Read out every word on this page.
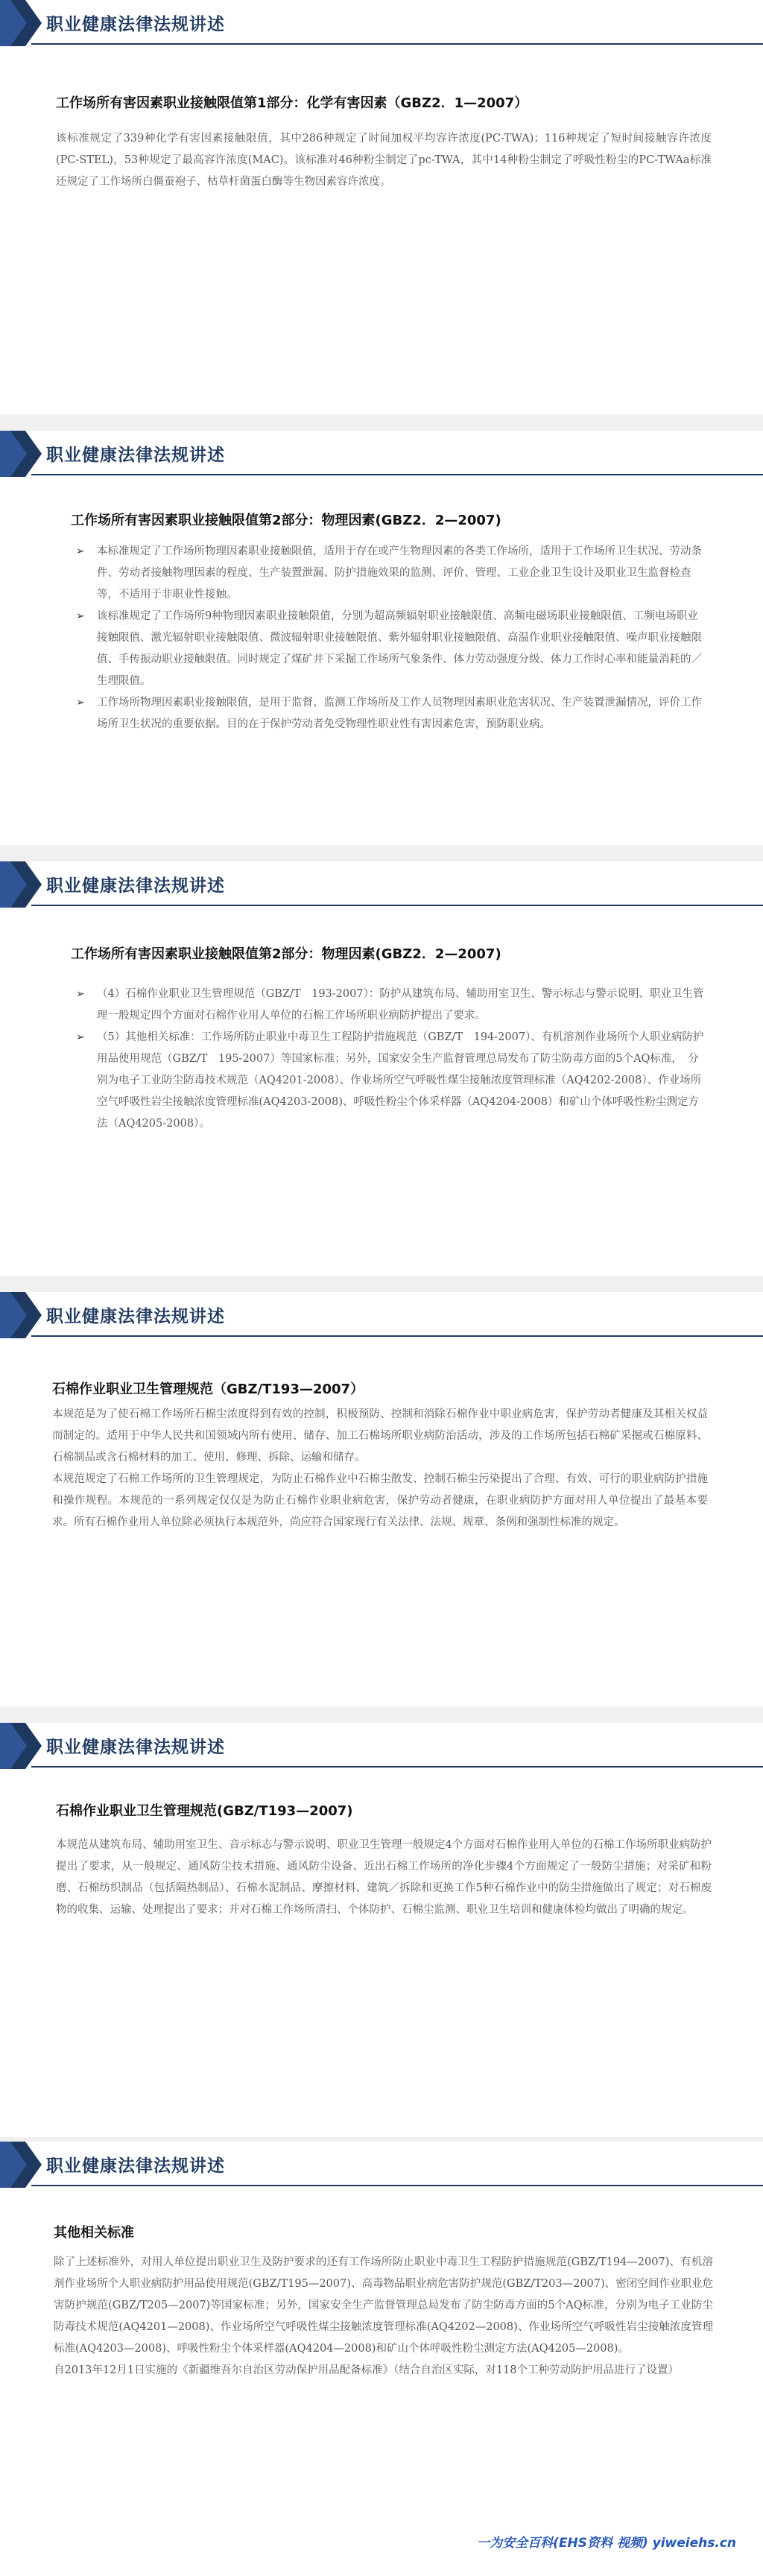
职业健康法律法规讲述
工作场所有害因素职业接触限值第1部分：化学有害因素（GBZ2．1—2007）

该标准规定了339种化学有害因素接触限值，其中286种规定了时间加权平均容许浓度(PC-TWA)；116种规定了短时间接触容许浓度(PC-STEL)，53种规定了最高容许浓度(MAC)。该标准对46种粉尘制定了pc-TWA，其中14种粉尘制定了呼吸性粉尘的PC-TWAa标准还规定了工作场所白僵蚕袍子、枯草杆菌蛋白酶等生物因素容许浓度。

职业健康法律法规讲述
工作场所有害因素职业接触限值第2部分：物理因素(GBZ2．2—2007)
➢ 本标准规定了工作场所物理因素职业接触限值，适用于存在或产生物理因素的各类工作场所，适用于工作场所卫生状况、劳动条件、劳动者接触物理因素的程度、生产装置泄漏、防护措施效果的监测、评价、管理、工业企业卫生设计及职业卫生监督检查等，不适用于非职业性接触。
➢ 该标准规定了工作场所9种物理因素职业接触限值，分别为超高频辐射职业接触限值、高频电磁场职业接触限值、工频电场职业接触限值、激光辐射职业接触限值、微波辐射职业接触限值、紫外辐射职业接触限值、高温作业职业接触限值、噪声职业接触限值、手传振动职业接触限值。同时规定了煤矿井下采掘工作场所气象条件、体力劳动强度分级、体力工作时心率和能量消耗的／生理限值。
➢ 工作场所物理因素职业接触限值，是用于监督、监测工作场所及工作人员物理因素职业危害状况、生产装置泄漏情况，评价工作场所卫生状况的重要依据。目的在于保护劳动者免受物理性职业性有害因素危害，预防职业病。
职业健康法律法规讲述
工作场所有害因素职业接触限值第2部分：物理因素(GBZ2．2—2007)
➢ （4）石棉作业职业卫生管理规范（GBZ/T　193-2007）：防护从建筑布局、辅助用室卫生、警示标志与警示说明、职业卫生管理一般规定四个方面对石棉作业用人单位的石棉工作场所职业病防护提出了要求。
➢ （5）其他相关标准：工作场所防止职业中毒卫生工程防护措施规范（GBZ/T　194-2007）、有机溶剂作业场所个人职业病防护用品使用规范（GBZ/T　195-2007）等国家标准；另外，国家安全生产监督管理总局发布了防尘防毒方面的5个AQ标准，　分别为电子工业防尘防毒技术规范（AQ4201-2008）、作业场所空气呼吸性煤尘接触浓度管理标准（AQ4202-2008）、作业场所空气呼吸性岩尘接触浓度管理标准(AQ4203-2008)、呼吸性粉尘个体采样器（AQ4204-2008）和矿山个体呼吸性粉尘测定方法（AQ4205-2008）。
职业健康法律法规讲述
石棉作业职业卫生管理规范（GBZ/T193—2007）

本规范是为了使石棉工作场所石棉尘浓度得到有效的控制，积极预防、控制和消除石棉作业中职业病危害，保护劳动者健康及其相关权益而制定的。适用于中华人民共和国领域内所有使用、储存、加工石棉场所职业病防治活动，涉及的工作场所包括石棉矿采掘或石棉原料、石棉制品或含石棉材料的加工、使用、修理、拆除、运输和储存。

本规范规定了石棉工作场所的卫生管理规定，为防止石棉作业中石棉尘散发、控制石棉尘污染提出了合理、有效、可行的职业病防护措施和操作规程。本规范的一系列规定仅仅是为防止石棉作业职业病危害，保护劳动者健康，在职业病防护方面对用人单位提出了最基本要求。所有石棉作业用人单位除必须执行本规范外，尚应符合国家现行有关法律、法规、规章、条例和强制性标准的规定。

职业健康法律法规讲述
石棉作业职业卫生管理规范(GBZ/T193—2007)

本规范从建筑布局、辅助用室卫生、音示标志与警示说明、职业卫生管理一般规定4个方面对石棉作业用人单位的石棉工作场所职业病防护提出了要求，从一般规定、通风防尘技术措施、通风防尘设备、近出石棉工作场所的净化步骤4个方面规定了一般防尘措施；对采矿和粉磨、石棉纺织制品（包括隔热制品）、石棉水泥制品、摩擦材料、建筑／拆除和更换工作5种石棉作业中的防尘措施做出了规定；对石棉废物的收集、运输、处理提出了要求；并对石棉工作场所清扫、个体防护、石棉尘监测、职业卫生培训和健康体检均做出了明确的规定。

职业健康法律法规讲述
其他相关标准

除了上述标准外，对用人单位提出职业卫生及防护要求的还有工作场所防止职业中毒卫生工程防护措施规范(GBZ/T194—2007)、有机溶剂作业场所个人职业病防护用品使用规范(GBZ/T195—2007)、高毒物品职业病危害防护规范(GBZ/T203—2007)、密闭空间作业职业危害防护规范(GBZ/T205—2007)等国家标准；另外，国家安全生产监督管理总局发布了防尘防毒方面的5个AQ标准，分别为电子工业防尘防毒技术规范(AQ4201—2008)、作业场所空气呼吸性煤尘接触浓度管理标准(AQ4202—2008)、作业场所空气呼吸性岩尘接触浓度管理标准(AQ4203—2008)、呼吸性粉尘个体采样器(AQ4204—2008)和矿山个体呼吸性粉尘测定方法(AQ4205—2008)。

自2013年12月1日实施的《新疆维吾尔自治区劳动保护用品配备标准》（结合自治区实际，对118个工种劳动防护用品进行了设置）

一为安全百科(EHS资料 视频) yiweiehs.cn
